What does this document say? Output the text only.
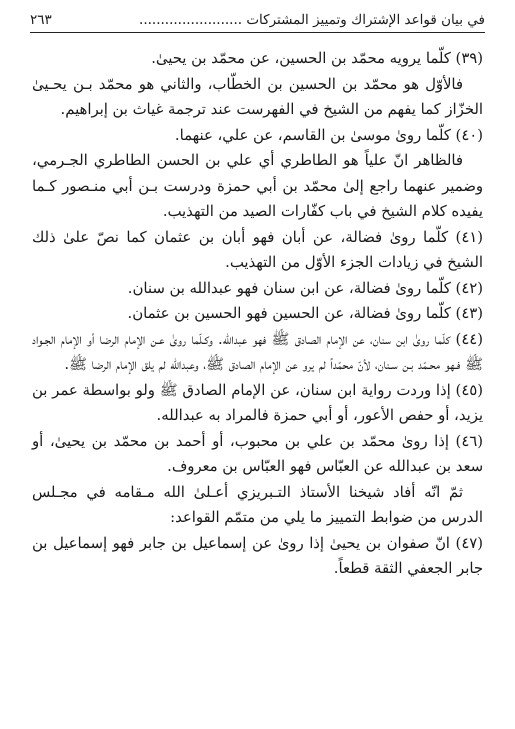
في بيان قواعد الإشتراك وتمييز المشتركات ........................
٢٦٣

(٣٩) كلّما يرويه محمّد بن الحسين، عن محمّد بن يحيىٰ.

فالأوّل هو محمّد بن الحسين بن الخطّاب، والثاني هو محمّد بـن يحـيىٰ الخزّاز كما يفهم من الشيخ في الفهرست عند ترجمة غياث بن إبراهيم.

(٤٠) كلّما روىٰ موسىٰ بن القاسم، عن علي، عنهما.

فالظاهر انّ علياً هو الطاطري أي علي بن الحسن الطاطري الجـرمي، وضمير عنهما راجع إلىٰ محمّد بن أبي حمزة ودرست بـن أبي منـصور كـما يفيده كلام الشيخ في باب كفّارات الصيد من التهذيب.

(٤١) كلّما روىٰ فضالة، عن أبان فهو أبان بن عثمان كما نصّ علىٰ ذلك الشيخ في زيادات الجزء الأوّل من التهذيب.

(٤٢) كلّما روىٰ فضالة، عن ابن سنان فهو عبدالله بن سنان.

(٤٣) كلّما روىٰ فضالة، عن الحسين فهو الحسين بن عثمان.

(٤٤) كلّما روىٰ ابن سنان، عن الإمام الصادق ﷺ فهو عبدالله. وكـلّما روىٰ عـن الإمام الرضا أو الإمام الجـواد ﷺ فـهو محـمّد بـن سـنان، لأنّ محمّداً لم يرو عن الإمام الصادق ﷺ، وعبدالله لم يلق الإمام الرضا ﷺ.

(٤٥) إذا وردت رواية ابن سنان، عن الإمام الصادق ﷺ ولو بواسطة عمر بن يزيد، أو حفص الأعور، أو أبي حمزة فالمراد به عبدالله.

(٤٦) إذا روىٰ محمّد بن علي بن محبوب، أو أحمد بن محمّد بن يحيىٰ، أو سعد بن عبدالله عن العبّاس فهو العبّاس بن معروف.

ثمّ انّه أفاد شيخنا الأستاذ التـبريزي أعـلىٰ الله مـقامه في مجـلس الدرس من ضوابط التمييز ما يلي من متمّم القواعد:

(٤٧) انّ صفوان بن يحيىٰ إذا روىٰ عن إسماعيل بن جابر فهو إسماعيل بن جابر الجعفي الثقة قطعاً.
